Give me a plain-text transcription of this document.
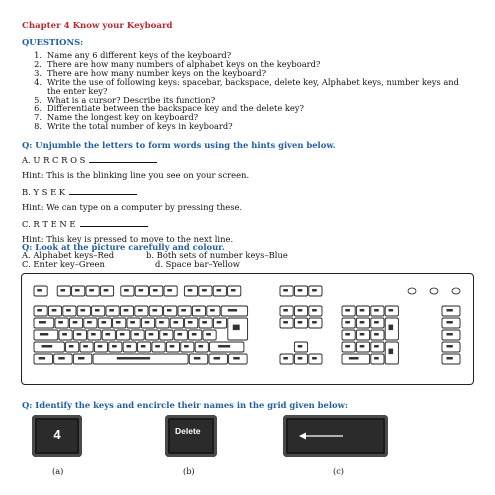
Chapter 4 Know your Keyboard
QUESTIONS:
1. Name any 6 different keys of the keyboard?
2. There are how many numbers of alphabet keys on the keyboard?
3. There are how many number keys on the keyboard?
4. Write the use of following keys: spacebar, backspace, delete key, Alphabet keys, number keys and the enter key?
5. What is a cursor? Describe its function?
6. Differentiate between the backspace key and the delete key?
7. Name the longest key on keyboard?
8. Write the total number of keys in keyboard?
Q: Unjumble the letters to form words using the hints given below.
A. U R C R O S
Hint: This is the blinking line you see on your screen.
B. Y S E K
Hint: We can type on a computer by pressing these.
C. R T E N E
Hint: This key is pressed to move to the next line.
Q: Look at the picture carefully and colour.
A. Alphabet keys–Red	b. Both sets of number keys–Blue
C. Enter key–Green	d. Space bar–Yellow
Q: Identify the keys and encircle their names in the grid given below:
4	Delete
(a)	(b)	(c)
